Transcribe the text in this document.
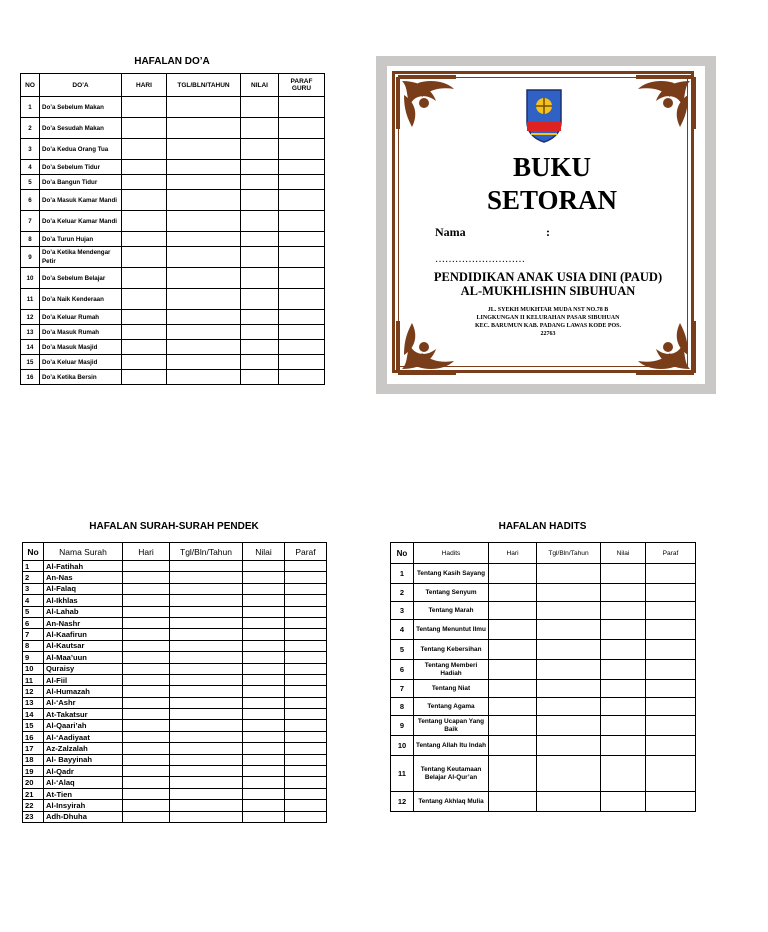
HAFALAN DO’A
NO	DO’A	HARI	TGL/BLN/TAHUN	NILAI	PARAF GURU
1	Do’a Sebelum Makan				
2	Do’a Sesudah Makan				
3	Do’a Kedua Orang Tua				
4	Do’a Sebelum Tidur				
5	Do’a Bangun Tidur				
6	Do’a Masuk Kamar Mandi				
7	Do’a Keluar Kamar Mandi				
8	Do’a Turun Hujan				
9	Do’a Ketika Mendengar Petir				
10	Do’a Sebelum Belajar				
11	Do’a Naik Kenderaan				
12	Do’a Keluar Rumah				
13	Do’a Masuk Rumah				
14	Do’a Masuk Masjid				
15	Do’a Keluar Masjid				
16	Do’a Ketika Bersin				
BUKU
SETORAN
Nama	:
………………………
PENDIDIKAN ANAK USIA DINI (PAUD)
AL-MUKHLISHIN SIBUHUAN
JL. SYEKH MUKHTAR MUDA NST NO.78 B
LINGKUNGAN II KELURAHAN PASAR SIBUHUAN
KEC. BARUMUN KAB. PADANG LAWAS KODE POS.
22763
HAFALAN SURAH-SURAH PENDEK
No	Nama Surah	Hari	Tgl/Bln/Tahun	Nilai	Paraf
1	Al-Fatihah				
2	An-Nas				
3	Al-Falaq				
4	Al-Ikhlas				
5	Al-Lahab				
6	An-Nashr				
7	Al-Kaafirun				
8	Al-Kautsar				
9	Al-Maa’uun				
10	Quraisy				
11	Al-Fiil				
12	Al-Humazah				
13	Al-‘Ashr				
14	At-Takatsur				
15	Al-Qaari’ah				
16	Al-‘Aadiyaat				
17	Az-Zalzalah				
18	Al- Bayyinah				
19	Al-Qadr				
20	Al-‘Alaq				
21	At-Tien				
22	Al-Insyirah				
23	Adh-Dhuha				
HAFALAN HADITS
No	Hadits	Hari	Tgl/Bln/Tahun	Nilai	Paraf
1	Tentang Kasih Sayang				
2	Tentang Senyum				
3	Tentang Marah				
4	Tentang Menuntut Ilmu				
5	Tentang Kebersihan				
6	Tentang Memberi Hadiah				
7	Tentang Niat				
8	Tentang Agama				
9	Tentang Ucapan Yang Baik				
10	Tentang Allah Itu Indah				
11	Tentang Keutamaan Belajar Al-Qur’an				
12	Tentang Akhlaq Mulia				
